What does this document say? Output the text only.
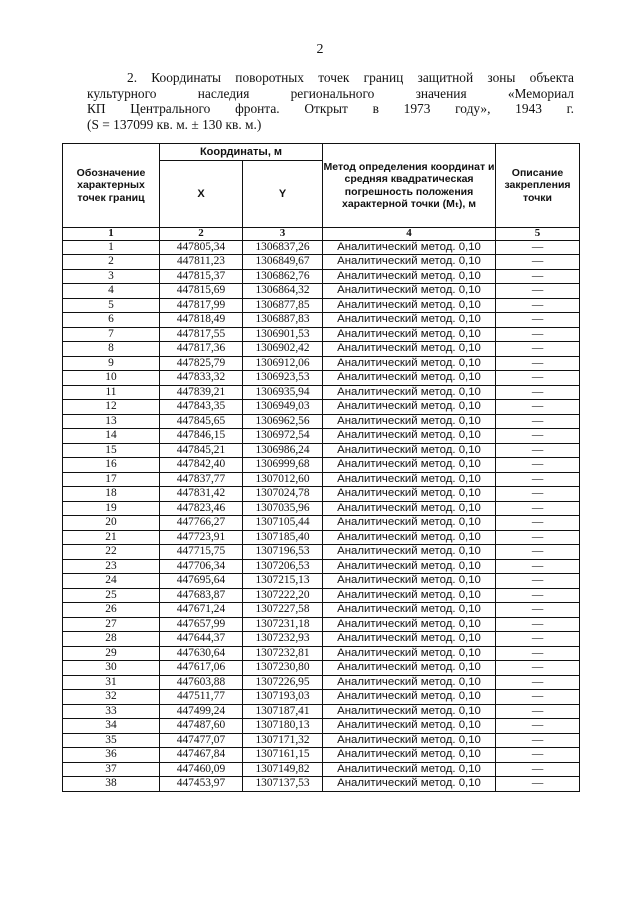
2
2. Координаты поворотных точек границ защитной зоны объекта
культурного наследия регионального значения «Мемориал
КП Центрального фронта. Открыт в 1973 году», 1943 г.
(S = 137099 кв. м. ± 130 кв. м.)
Обозначение характерных точек границ	Координаты, м		Метод определения координат и средняя квадратическая погрешность положения характерной точки (Mₜ), м	Описание закрепления точки
	X	Y		
1	2	3	4	5
1	447805,34	1306837,26	Аналитический метод. 0,10	—
2	447811,23	1306849,67	Аналитический метод. 0,10	—
3	447815,37	1306862,76	Аналитический метод. 0,10	—
4	447815,69	1306864,32	Аналитический метод. 0,10	—
5	447817,99	1306877,85	Аналитический метод. 0,10	—
6	447818,49	1306887,83	Аналитический метод. 0,10	—
7	447817,55	1306901,53	Аналитический метод. 0,10	—
8	447817,36	1306902,42	Аналитический метод. 0,10	—
9	447825,79	1306912,06	Аналитический метод. 0,10	—
10	447833,32	1306923,53	Аналитический метод. 0,10	—
11	447839,21	1306935,94	Аналитический метод. 0,10	—
12	447843,35	1306949,03	Аналитический метод. 0,10	—
13	447845,65	1306962,56	Аналитический метод. 0,10	—
14	447846,15	1306972,54	Аналитический метод. 0,10	—
15	447845,21	1306986,24	Аналитический метод. 0,10	—
16	447842,40	1306999,68	Аналитический метод. 0,10	—
17	447837,77	1307012,60	Аналитический метод. 0,10	—
18	447831,42	1307024,78	Аналитический метод. 0,10	—
19	447823,46	1307035,96	Аналитический метод. 0,10	—
20	447766,27	1307105,44	Аналитический метод. 0,10	—
21	447723,91	1307185,40	Аналитический метод. 0,10	—
22	447715,75	1307196,53	Аналитический метод. 0,10	—
23	447706,34	1307206,53	Аналитический метод. 0,10	—
24	447695,64	1307215,13	Аналитический метод. 0,10	—
25	447683,87	1307222,20	Аналитический метод. 0,10	—
26	447671,24	1307227,58	Аналитический метод. 0,10	—
27	447657,99	1307231,18	Аналитический метод. 0,10	—
28	447644,37	1307232,93	Аналитический метод. 0,10	—
29	447630,64	1307232,81	Аналитический метод. 0,10	—
30	447617,06	1307230,80	Аналитический метод. 0,10	—
31	447603,88	1307226,95	Аналитический метод. 0,10	—
32	447511,77	1307193,03	Аналитический метод. 0,10	—
33	447499,24	1307187,41	Аналитический метод. 0,10	—
34	447487,60	1307180,13	Аналитический метод. 0,10	—
35	447477,07	1307171,32	Аналитический метод. 0,10	—
36	447467,84	1307161,15	Аналитический метод. 0,10	—
37	447460,09	1307149,82	Аналитический метод. 0,10	—
38	447453,97	1307137,53	Аналитический метод. 0,10	—
